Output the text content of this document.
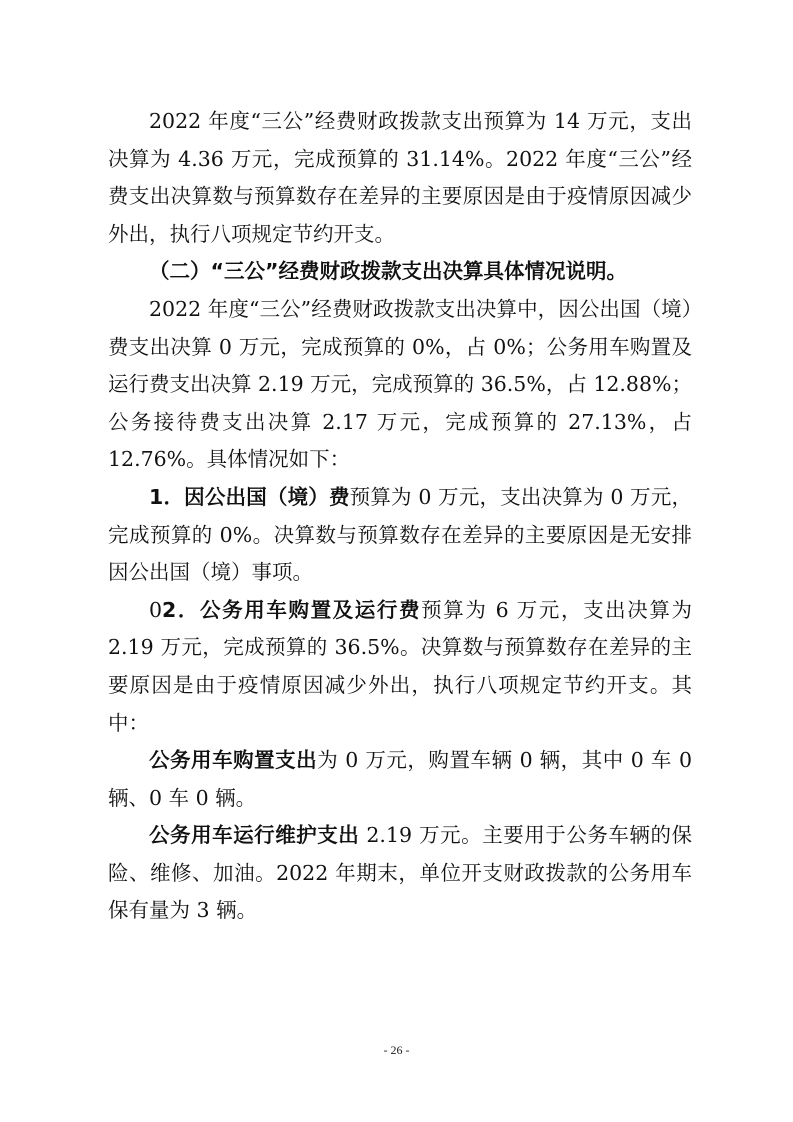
2022 年度“三公”经费财政拨款支出预算为 14 万元，支出决算为 4.36 万元，完成预算的 31.14%。2022 年度“三公”经费支出决算数与预算数存在差异的主要原因是由于疫情原因减少外出，执行八项规定节约开支。

（二）“三公”经费财政拨款支出决算具体情况说明。

2022 年度“三公”经费财政拨款支出决算中，因公出国（境）费支出决算 0 万元，完成预算的 0%，占 0%；公务用车购置及运行费支出决算 2.19 万元，完成预算的 36.5%，占 12.88%；公务接待费支出决算 2.17 万元，完成预算的 27.13%，占 12.76%。具体情况如下：

1．因公出国（境）费预算为 0 万元，支出决算为 0 万元，完成预算的 0%。决算数与预算数存在差异的主要原因是无安排因公出国（境）事项。

02．公务用车购置及运行费预算为 6 万元，支出决算为 2.19 万元，完成预算的 36.5%。决算数与预算数存在差异的主要原因是由于疫情原因减少外出，执行八项规定节约开支。其中：

公务用车购置支出为 0 万元，购置车辆 0 辆，其中 0 车 0 辆、0 车 0 辆。

公务用车运行维护支出 2.19 万元。主要用于公务车辆的保险、维修、加油。2022 年期末，单位开支财政拨款的公务用车保有量为 3 辆。

- 26 -
